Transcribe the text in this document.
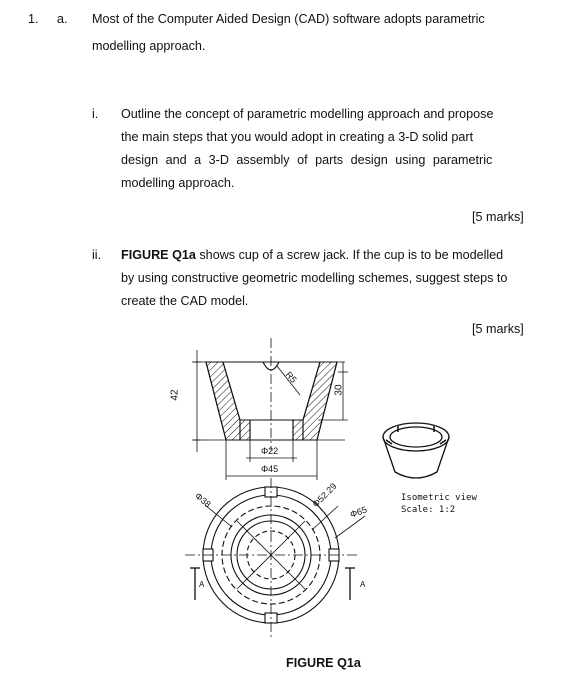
1. a. Most of the Computer Aided Design (CAD) software adopts parametric
modelling approach.
i. Outline the concept of parametric modelling approach and propose
the main steps that you would adopt in creating a 3-D solid part
design and a 3-D assembly of parts design using parametric
modelling approach.
[5 marks]
ii. FIGURE Q1a shows cup of a screw jack. If the cup is to be modelled
by using constructive geometric modelling schemes, suggest steps to
create the CAD model.
[5 marks]
42	30
R5
Φ22
Φ45
Φ38	Φ52.29
Φ65
A	A
Isometric view
Scale: 1:2
FIGURE Q1a
